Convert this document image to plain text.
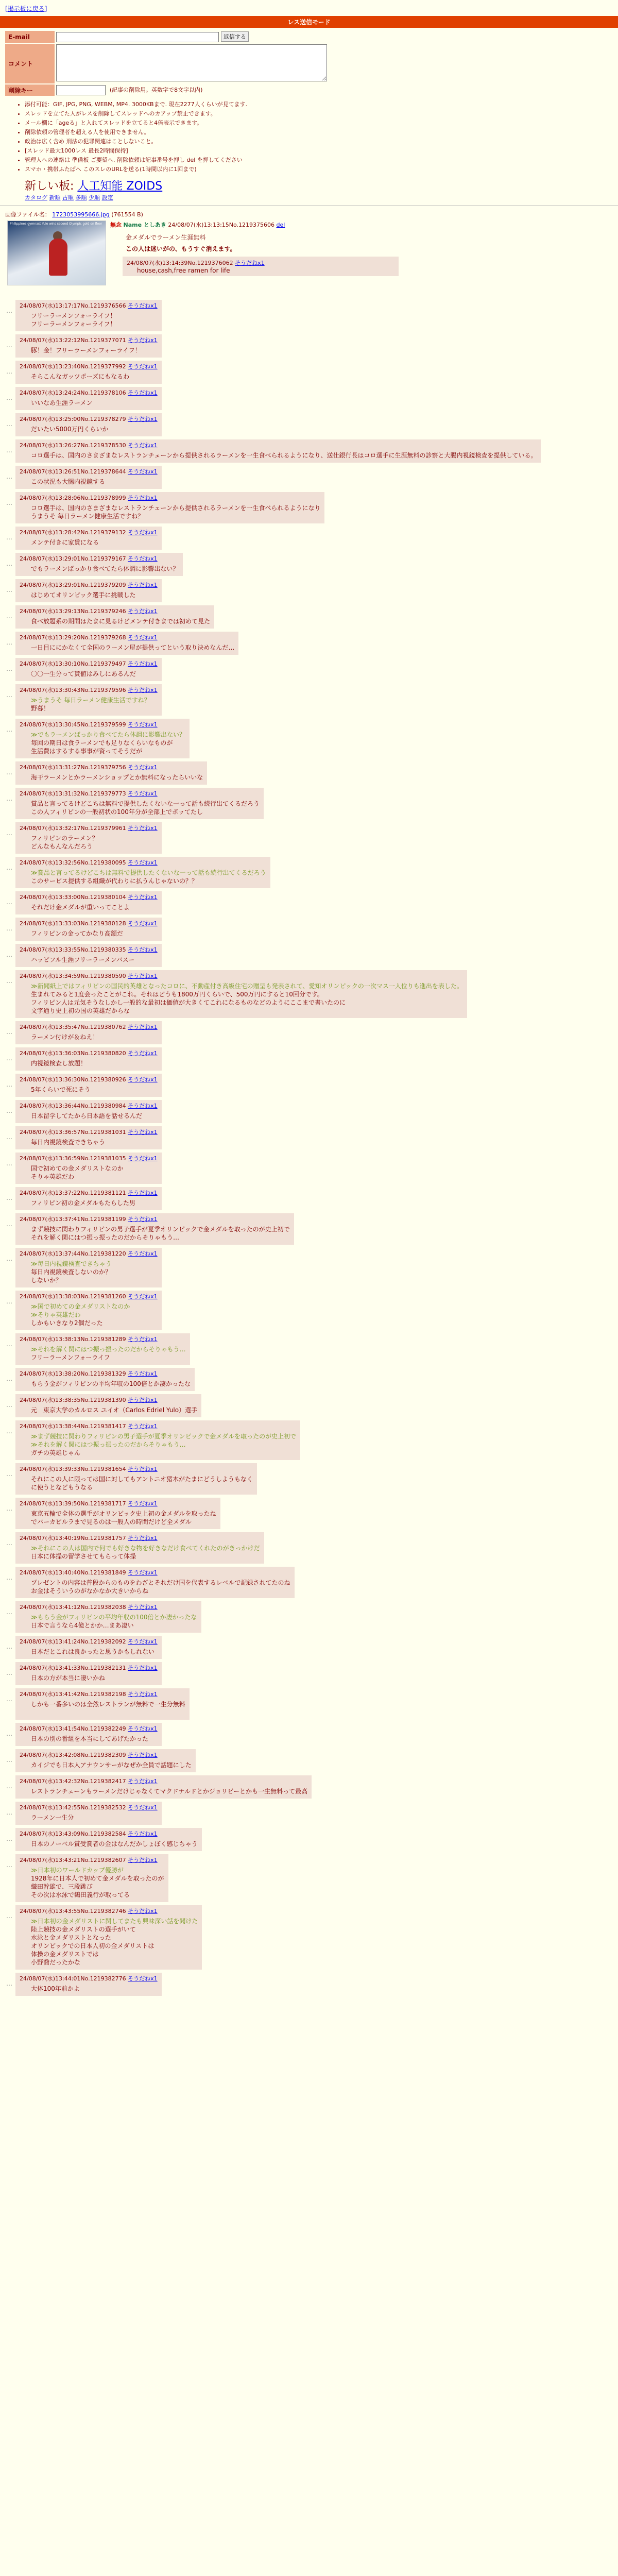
[掲示板に戻る]
レス送信モード
E-mail	返信する
コメント	
削除キー	(記事の削除用。英数字で8文字以内)
• 添付可能：GIF, JPG, PNG, WEBM, MP4. 3000KBまで. 現在2277人くらいが見てます.
• スレッドを立てた人がレスを削除してスレッドへのカアップ禁止できます。
• メール欄に「ageる」と入れてスレッドを立てると4倍表示できます。
• 削除依頼の管理者を超える人を使用できません。
• 政治は広く含め 刑法の犯罪関連はことしないこと。
• [スレッド最大1000レス 最長2時間保持]
• 管理人への連絡は 準備板 ご要望へ. 削除依頼は記事番号を押し del を押してください
• スマホ・携帯ふたばへ このスレのURLを送る(1時間以内に1回まで)
新しい板: 人工知能 ZOIDS
カタログ 新順 古順 多順 少順 設定
画像ファイル名： 1723053995666.jpg (761554 B)
Philippines gymnast Yulo wins second Olympic gold on floor 無念 Name としあき 24/08/07(水)13:13:15No.1219375606 del
金メダルでラーメン生涯無料
この人は迷いがの、もうすぐ消えます。
24/08/07(水)13:14:39No.1219376062 そうだねx1
house,cash,free ramen for life
…
24/08/07(水)13:17:17No.1219376566 そうだねx1
フリーラーメンフォーライフ！
フリーラーメンフォーライフ！
…
24/08/07(水)13:22:12No.1219377071 そうだねx1
豚！金！フリーラーメンフォーライフ！
…
24/08/07(水)13:23:40No.1219377992 そうだねx1
そらこんなガッツポーズにもなるわ
…
24/08/07(水)13:24:24No.1219378106 そうだねx1
いいなあ生涯ラーメン
…
24/08/07(水)13:25:00No.1219378279 そうだねx1
だいたい5000万円くらいか
…
24/08/07(水)13:26:27No.1219378530 そうだねx1
コロ選手は、国内のさまざまなレストランチェーンから提供されるラーメンを一生食べられるようになり、送仕銀行長はコロ選手に生涯無料の診察と大腸内視鏡検査を提供している。
…
24/08/07(水)13:26:51No.1219378644 そうだねx1
この状況も大腸内視鏡する
…
24/08/07(水)13:28:06No.1219378999 そうだねx1
コロ選手は、国内のさまざまなレストランチェーンから提供されるラーメンを一生食べられるようになり
うまうそ 毎日ラーメン健康生活ですね？
…
24/08/07(水)13:28:42No.1219379132 そうだねx1
メンテ付きに家賃になる
…
24/08/07(水)13:29:01No.1219379167 そうだねx1
でもラーメンばっかり食べてたら体調に影響出ない？
…
24/08/07(水)13:29:01No.1219379209 そうだねx1
はじめてオリンピック選手に挑戦した
…
24/08/07(水)13:29:13No.1219379246 そうだねx1
食べ放題系の期間はたまに見るけどメンテ付きまでは初めて見た
…
24/08/07(水)13:29:20No.1219379268 そうだねx1
一日目ににかなくて全国のラーメン屋が提供ってという取り決めなんだ…
…
24/08/07(水)13:30:10No.1219379497 そうだねx1
〇〇一生分って貰値はみしにあるんだ
…
24/08/07(水)13:30:43No.1219379596 そうだねx1
≫うまうそ 毎日ラーメン健康生活ですね？
野暮！
…
24/08/07(水)13:30:45No.1219379599 そうだねx1
≫でもラーメンばっかり食べてたら体調に影響出ない？
毎回の期日は食ラーメンでも足りなくらいなものが
生活費はするする事事が資ってそうだが
…
24/08/07(水)13:31:27No.1219379756 そうだねx1
海干ラーメンとかラーメンショップとか無料になったらいいな
…
24/08/07(水)13:31:32No.1219379773 そうだねx1
賞品と言ってるけどこちは無料で提供したくないな一って話も続行出てくるだろう
この人フィリピンの一般初状の100年分が全部上でボッてたし
…
24/08/07(水)13:32:17No.1219379961 そうだねx1
フィリピンのラーメン？
どんなもんなんだろう
…
24/08/07(水)13:32:56No.1219380095 そうだねx1
≫賞品と言ってるけどこちは無料で提供したくないな一って話も続行出てくるだろう
このサービス提供する組織が代わりに払うんじゃないの？？
…
24/08/07(水)13:33:00No.1219380104 そうだねx1
それだけ金メダルが重いってことよ
…
24/08/07(水)13:33:03No.1219380128 そうだねx1
フィリピンの金ってかなり高額だ
…
24/08/07(水)13:33:55No.1219380335 そうだねx1
ハッピフル生涯フリーラーメンバスー
…
24/08/07(水)13:34:59No.1219380590 そうだねx1
≫新聞紙上ではフィリピンの国民的英雄となったコロに、不動産付き高級住宅の贈呈も発表されて、愛知オリンピックの一次マス一人位りも進出を表した。
生まれてみると1度会ったことがこれ。それはどうも1800万円くらいで、500万円にすると10回分です。
フィリピン人は元気そうなしかし一般的な最初は価値が大きくてこれになるものなどのようにここまで書いたのに
文字通り史上初の国の英雄だからな
…
24/08/07(水)13:35:47No.1219380762 そうだねx1
ラーメン付けが＆ねえ！
…
24/08/07(水)13:36:03No.1219380820 そうだねx1
内視鏡検査し放題！
…
24/08/07(水)13:36:30No.1219380926 そうだねx1
5年くらいで死にそう
…
24/08/07(水)13:36:44No.1219380984 そうだねx1
日本留学してたから日本語を話せるんだ
…
24/08/07(水)13:36:57No.1219381031 そうだねx1
毎日内視鏡検査できちゃう
…
24/08/07(水)13:36:59No.1219381035 そうだねx1
国で初めての金メダリストなのか
そりゃ英雄だわ
…
24/08/07(水)13:37:22No.1219381121 そうだねx1
フィリピン初の金メダルもたらした男
…
24/08/07(水)13:37:41No.1219381199 そうだねx1
まず競技に関わりフィリピンの男子選手が夏季オリンピックで金メダルを取ったのが史上初で
それを解く関にはつ振っ振ったのだからそりゃもう…
…
24/08/07(水)13:37:44No.1219381220 そうだねx1
≫毎日内視鏡検査できちゃう
毎日内視鏡検査しないのか？
しないか？
…
24/08/07(水)13:38:03No.1219381260 そうだねx1
≫国で初めての金メダリストなのか
≫そりゃ英雄だわ
しかもいきなり2個だった
…
24/08/07(水)13:38:13No.1219381289 そうだねx1
≫それを解く関にはつ振っ振ったのだからそりゃもう…
フリーラーメンフォーライフ
…
24/08/07(水)13:38:20No.1219381329 そうだねx1
もらう金がフィリピンの平均年収の100倍とか凄かったな
…
24/08/07(水)13:38:35No.1219381390 そうだねx1
元　東京大学のカルロス ユイオ（Carlos Edriel Yulo）選手
…
24/08/07(水)13:38:44No.1219381417 そうだねx1
≫まず競技に関わりフィリピンの男子選手が夏季オリンピックで金メダルを取ったのが史上初で
≫それを解く関にはつ振っ振ったのだからそりゃもう…
ガチの英雄じゃん
…
24/08/07(水)13:39:33No.1219381654 そうだねx1
それにこの人に限っては国に対してもアントニオ猪木がたまにどうしようもなく
に使うとなどもうなる
…
24/08/07(水)13:39:50No.1219381717 そうだねx1
東京五輪で全体の選手がオリンピック史上初の金メダルを取ったね
でバーカビルラまで見るのは一般人の時間だけど全メダル
…
24/08/07(水)13:40:19No.1219381757 そうだねx1
≫それにこの人は国内で何でも好きな物を好きなだけ食べてくれたのがきっかけだ
日本に体操の留学させてもらって体操
…
24/08/07(水)13:40:40No.1219381849 そうだねx1
プレゼントの内容は普段からのものをわざとそれだけ国を代表するレベルで記録されてたのね
お金はそういうのがなかなか大きいからね
…
24/08/07(水)13:41:12No.1219382038 そうだねx1
≫もらう金がフィリピンの平均年収の100倍とか凄かったな
日本で言うなら4億とかか…まあ凄い
…
24/08/07(水)13:41:24No.1219382092 そうだねx1
日本だとこれは良かったと思うかもしれない
…
24/08/07(水)13:41:33No.1219382131 そうだねx1
日本の方が本当に凄いかね
…
24/08/07(水)13:41:42No.1219382198 そうだねx1
しかも一番多いのは全然レストランが無料で一生分無料

…
24/08/07(水)13:41:54No.1219382249 そうだねx1
日本の別の番組を本当にしてあげたかった
…
24/08/07(水)13:42:08No.1219382309 そうだねx1
カイジでも日本人アナウンサーがなぜか全員で話題にした
…
24/08/07(水)13:42:32No.1219382417 そうだねx1
レストランチェーンもラーメンだけじゃなくてマクドナルドとかジョリビーとかも一生無料って最高
…
24/08/07(水)13:42:55No.1219382532 そうだねx1
ラーメン一生分
…
24/08/07(水)13:43:09No.1219382584 そうだねx1
日本のノーベル賞受賞者の金はなんだかしょぼく感じちゃう
…
24/08/07(水)13:43:21No.1219382607 そうだねx1
≫日本初のワールドカップ優勝が
1928年に日本人で初めて金メダルを取ったのが
織田幹雄で、三段跳び
その次は水泳で鶴田義行が取ってる
…
24/08/07(水)13:43:55No.1219382746 そうだねx1
≫日本初の金メダリストに関してまたも興味深い話を聞けた
陸上競技の金メダリストの選手がいて
水泳と金メダリストとなった
オリンピックでの日本人初の金メダリストは
体操の金メダリストでは
小野喬だったかな
…
24/08/07(水)13:44:01No.1219382776 そうだねx1
大体100年前かよ
